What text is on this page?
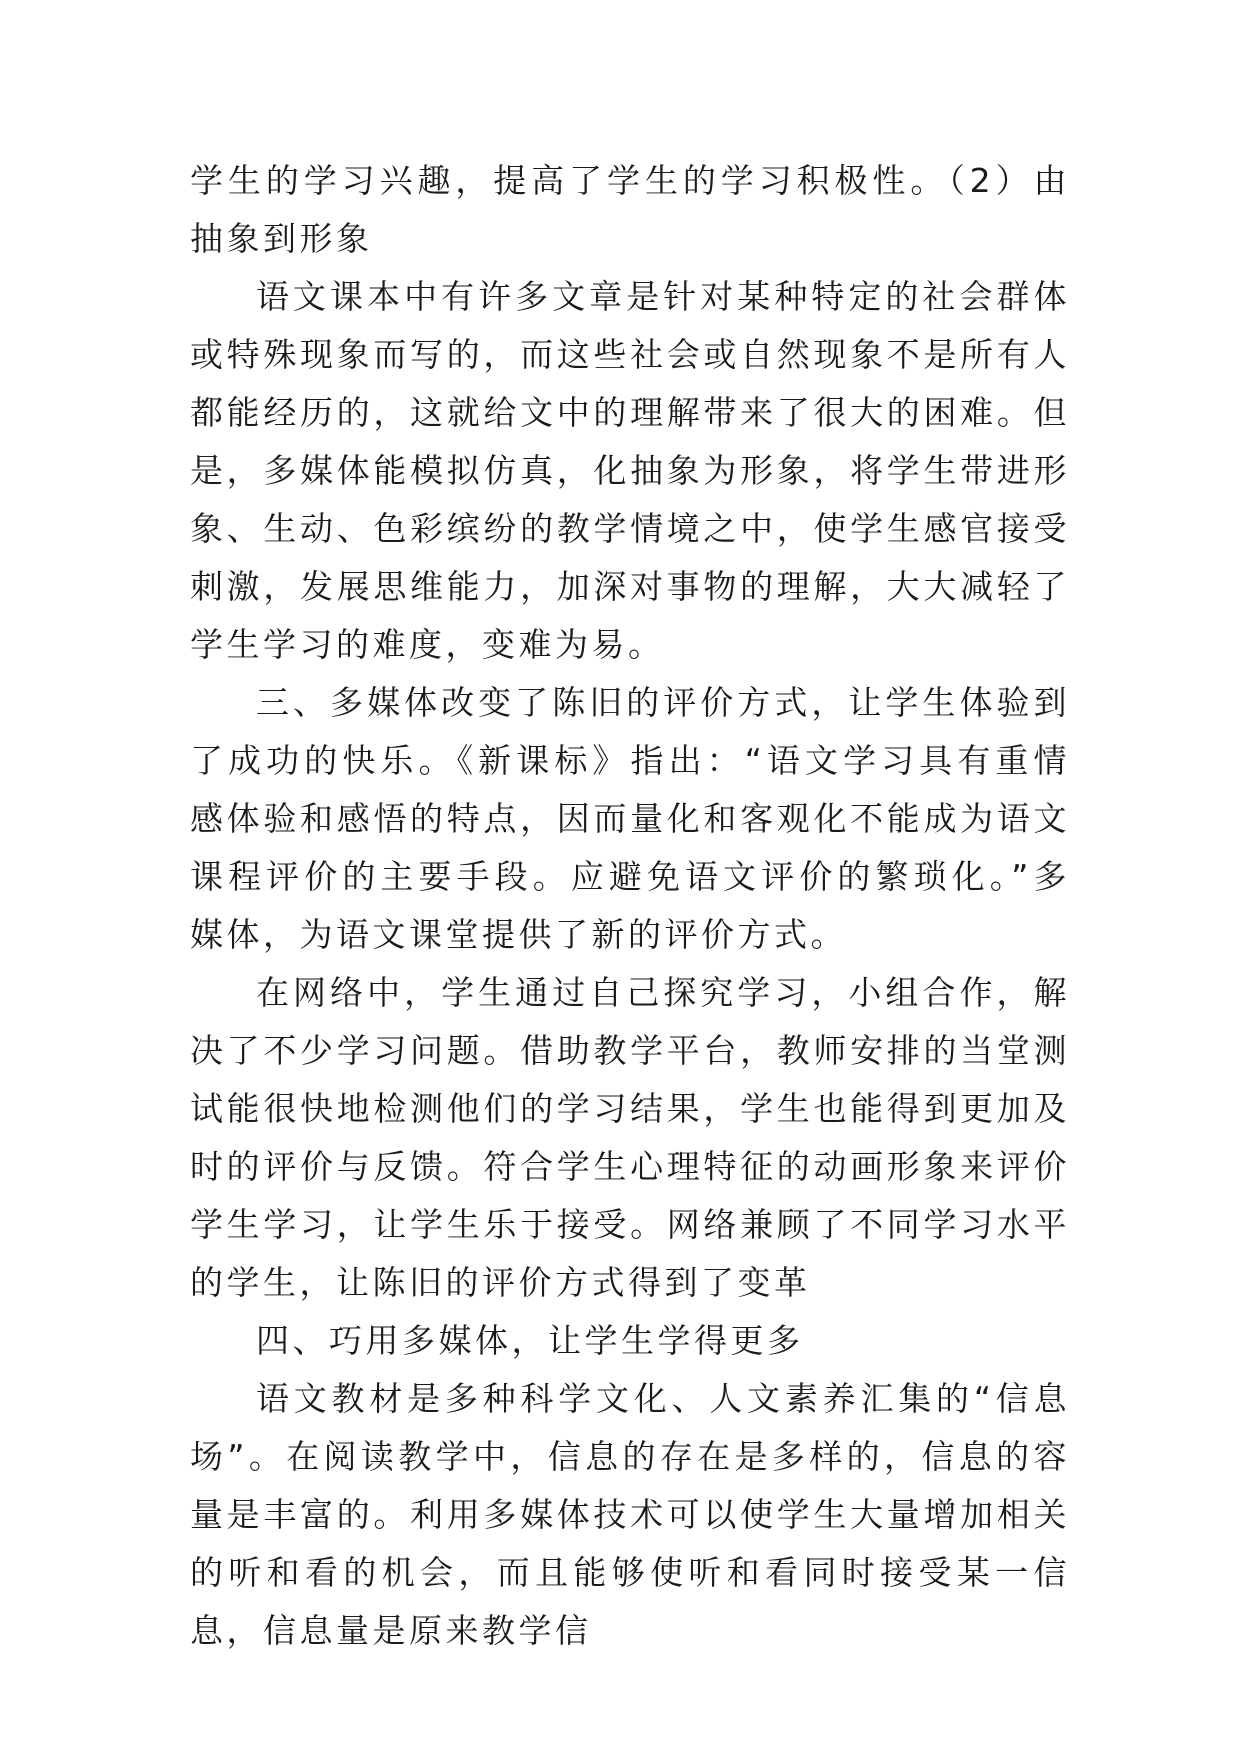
学生的学习兴趣，提高了学生的学习积极性。（2）由抽象到形象

语文课本中有许多文章是针对某种特定的社会群体或特殊现象而写的，而这些社会或自然现象不是所有人都能经历的，这就给文中的理解带来了很大的困难。但是，多媒体能模拟仿真，化抽象为形象，将学生带进形象、生动、色彩缤纷的教学情境之中，使学生感官接受刺激，发展思维能力，加深对事物的理解，大大减轻了学生学习的难度，变难为易。

三、多媒体改变了陈旧的评价方式，让学生体验到了成功的快乐。《新课标》指出：“语文学习具有重情感体验和感悟的特点，因而量化和客观化不能成为语文课程评价的主要手段。应避免语文评价的繁琐化。”多媒体，为语文课堂提供了新的评价方式。

在网络中，学生通过自己探究学习，小组合作，解决了不少学习问题。借助教学平台，教师安排的当堂测试能很快地检测他们的学习结果，学生也能得到更加及时的评价与反馈。符合学生心理特征的动画形象来评价学生学习，让学生乐于接受。网络兼顾了不同学习水平的学生，让陈旧的评价方式得到了变革

四、巧用多媒体，让学生学得更多

语文教材是多种科学文化、人文素养汇集的“信息场”。在阅读教学中，信息的存在是多样的，信息的容量是丰富的。利用多媒体技术可以使学生大量增加相关的听和看的机会，而且能够使听和看同时接受某一信息，信息量是原来教学信
